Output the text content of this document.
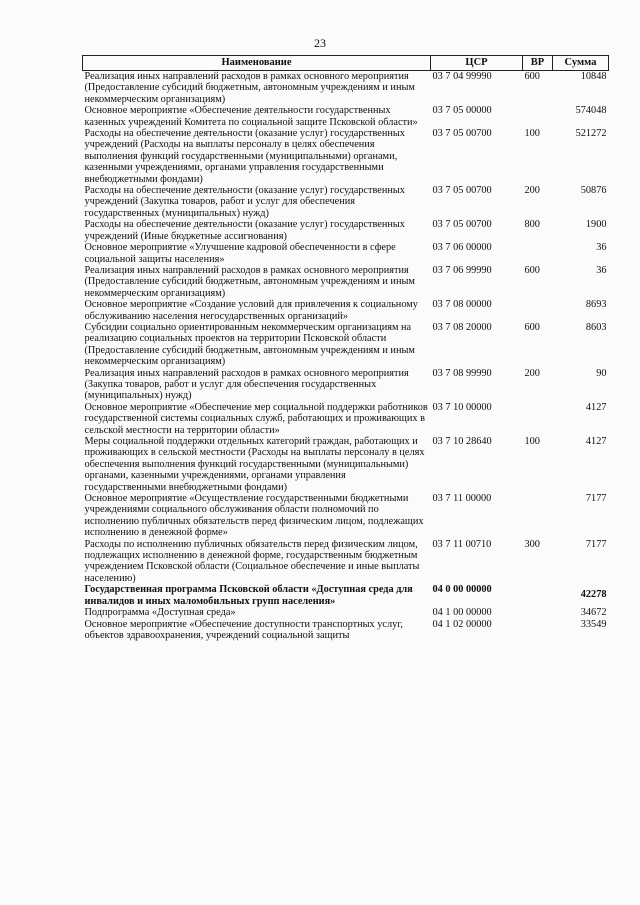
23
Наименование	ЦСР	ВР	Сумма
Реализация иных направлений расходов в рамках основного мероприятия (Предоставление субсидий бюджетным, автономным учреждениям и иным некоммерческим организациям)	03 7 04 99990	600	10848
Основное мероприятие «Обеспечение деятельности государственных казенных учреждений Комитета по социальной защите Псковской области»	03 7 05 00000		574048
Расходы на обеспечение деятельности (оказание услуг) государственных учреждений (Расходы на выплаты персоналу в целях обеспечения выполнения функций государственными (муниципальными) органами, казенными учреждениями, органами управления государственными внебюджетными фондами)	03 7 05 00700	100	521272
Расходы на обеспечение деятельности (оказание услуг) государственных учреждений (Закупка товаров, работ и услуг для обеспечения государственных (муниципальных) нужд)	03 7 05 00700	200	50876
Расходы на обеспечение деятельности (оказание услуг) государственных учреждений (Иные бюджетные ассигнования)	03 7 05 00700	800	1900
Основное мероприятие «Улучшение кадровой обеспеченности в сфере социальной защиты населения»	03 7 06 00000		36
Реализация иных направлений расходов в рамках основного мероприятия (Предоставление субсидий бюджетным, автономным учреждениям и иным некоммерческим организациям)	03 7 06 99990	600	36
Основное мероприятие «Создание условий для привлечения к социальному обслуживанию населения негосударственных организаций»	03 7 08 00000		8693
Субсидии социально ориентированным некоммерческим организациям на реализацию социальных проектов на территории Псковской области (Предоставление субсидий бюджетным, автономным учреждениям и иным некоммерческим организациям)	03 7 08 20000	600	8603
Реализация иных направлений расходов в рамках основного мероприятия (Закупка товаров, работ и услуг для обеспечения государственных (муниципальных) нужд)	03 7 08 99990	200	90
Основное мероприятие «Обеспечение мер социальной поддержки работников государственной системы социальных служб, работающих и проживающих в сельской местности на территории области»	03 7 10 00000		4127
Меры социальной поддержки отдельных категорий граждан, работающих и проживающих в сельской местности (Расходы на выплаты персоналу в целях обеспечения выполнения функций государственными (муниципальными) органами, казенными учреждениями, органами управления государственными внебюджетными фондами)	03 7 10 28640	100	4127
Основное мероприятие «Осуществление государственными бюджетными учреждениями социального обслуживания области полномочий по исполнению публичных обязательств перед физическим лицом, подлежащих исполнению в денежной форме»	03 7 11 00000		7177
Расходы по исполнению публичных обязательств перед физическим лицом, подлежащих исполнению в денежной форме, государственным бюджетным учреждением Псковской области (Социальное обеспечение и иные выплаты населению)	03 7 11 00710	300	7177
Государственная программа Псковской области «Доступная среда для инвалидов и иных маломобильных групп населения»	04 0 00 00000		42278
Подпрограмма «Доступная среда»	04 1 00 00000		34672
Основное мероприятие «Обеспечение доступности транспортных услуг, объектов здравоохранения, учреждений социальной защиты	04 1 02 00000		33549
